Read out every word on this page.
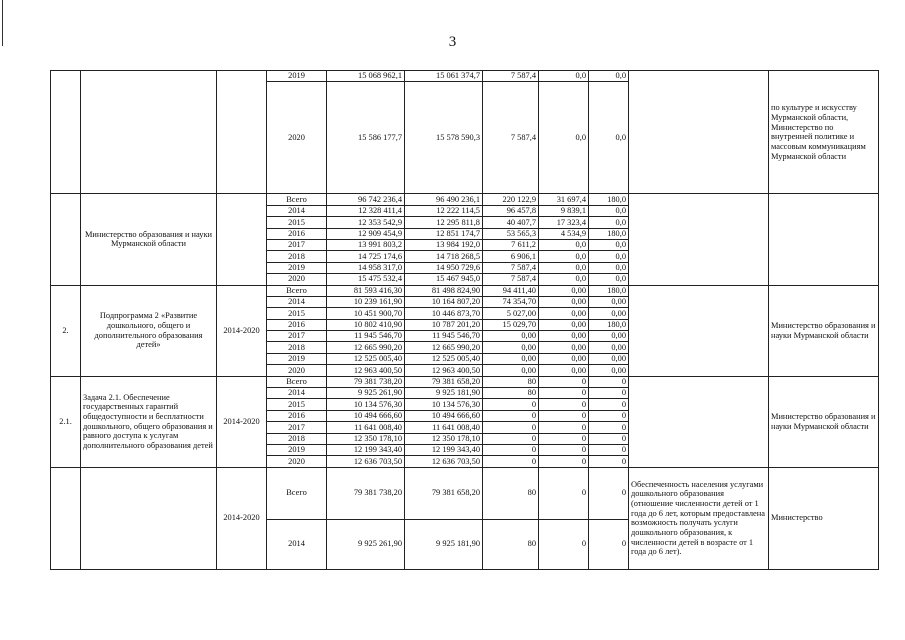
3
			2019	15 068 962,1	15 061 374,7	7 587,4	0,0	0,0		по культуре и искусству Мурманской области, Министерство по внутренней политике и массовым коммуникациям Мурманской области
			2020	15 586 177,7	15 578 590,3	7 587,4	0,0	0,0		
	Министерство образования и науки Мурманской области		Всего	96 742 236,4	96 490 236,1	220 122,9	31 697,4	180,0		
			2014	12 328 411,4	12 222 114,5	96 457,8	9 839,1	0,0		
			2015	12 353 542,9	12 295 811,8	40 407,7	17 323,4	0,0		
			2016	12 909 454,9	12 851 174,7	53 565,3	4 534,9	180,0		
			2017	13 991 803,2	13 984 192,0	7 611,2	0,0	0,0		
			2018	14 725 174,6	14 718 268,5	6 906,1	0,0	0,0		
			2019	14 958 317,0	14 950 729,6	7 587,4	0,0	0,0		
			2020	15 475 532,4	15 467 945,0	7 587,4	0,0	0,0		
2.	Подпрограмма 2 «Развитие дошкольного, общего и дополнительного образования детей»	2014-2020	Всего	81 593 416,30	81 498 824,90	94 411,40	0,00	180,0		Министерство образования и науки Мурманской области
			2014	10 239 161,90	10 164 807,20	74 354,70	0,00	0,00		
			2015	10 451 900,70	10 446 873,70	5 027,00	0,00	0,00		
			2016	10 802 410,90	10 787 201,20	15 029,70	0,00	180,0		
			2017	11 945 546,70	11 945 546,70	0,00	0,00	0,00		
			2018	12 665 990,20	12 665 990,20	0,00	0,00	0,00		
			2019	12 525 005,40	12 525 005,40	0,00	0,00	0,00		
			2020	12 963 400,50	12 963 400,50	0,00	0,00	0,00		
2.1.	Задача 2.1. Обеспечение государственных гарантий общедоступности и бесплатности дошкольного, общего образования и равного доступа к услугам дополнительного образования детей	2014-2020	Всего	79 381 738,20	79 381 658,20	80	0	0		Министерство образования и науки Мурманской области
			2014	9 925 261,90	9 925 181,90	80	0	0		
			2015	10 134 576,30	10 134 576,30	0	0	0		
			2016	10 494 666,60	10 494 666,60	0	0	0		
			2017	11 641 008,40	11 641 008,40	0	0	0		
			2018	12 350 178,10	12 350 178,10	0	0	0		
			2019	12 199 343,40	12 199 343,40	0	0	0		
			2020	12 636 703,50	12 636 703,50	0	0	0		
		2014-2020	Всего	79 381 738,20	79 381 658,20	80	0	0	Обеспеченность населения услугами дошкольного образования (отношение численности детей от 1 года до 6 лет, которым предоставлена возможность получать услуги дошкольного образования, к численности детей в возрасте от 1 года до 6 лет).	Министерство
			2014	9 925 261,90	9 925 181,90	80	0	0		
